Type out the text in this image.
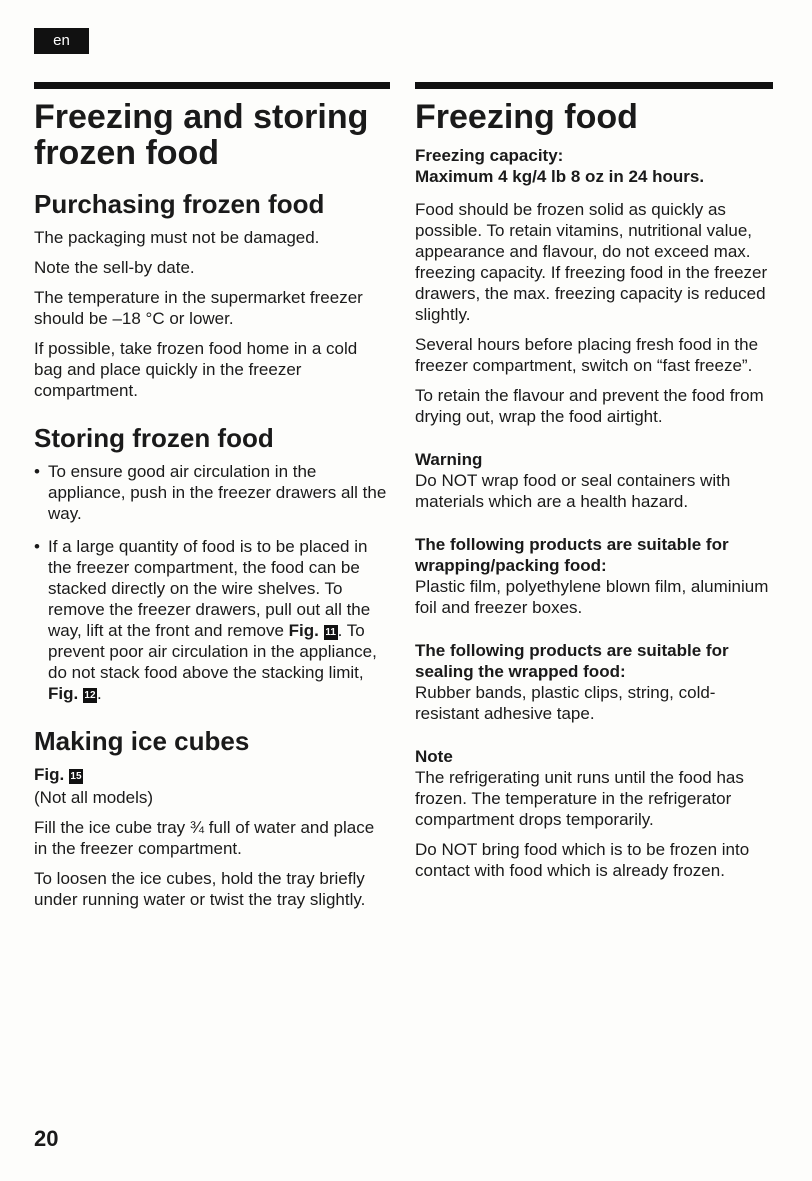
en
Freezing and storing frozen food
Purchasing frozen food

The packaging must not be damaged.

Note the sell-by date.

The temperature in the supermarket freezer should be –18 °C or lower.

If possible, take frozen food home in a cold bag and place quickly in the freezer compartment.

Storing frozen food
• To ensure good air circulation in the appliance, push in the freezer drawers all the way.
• If a large quantity of food is to be placed in the freezer compartment, the food can be stacked directly on the wire shelves. To remove the freezer drawers, pull out all the way, lift at the front and remove Fig. 11 . To prevent poor air circulation in the appliance, do not stack food above the stacking limit, Fig. 12.
Making ice cubes

Fig. 15

(Not all models)

Fill the ice cube tray ¾ full of water and place in the freezer compartment.

To loosen the ice cubes, hold the tray briefly under running water or twist the tray slightly.

Freezing food

Freezing capacity:

Maximum 4 kg/4 lb 8 oz in 24 hours.

Food should be frozen solid as quickly as possible. To retain vitamins, nutritional value, appearance and flavour, do not exceed max. freezing capacity. If freezing food in the freezer drawers, the max. freezing capacity is reduced slightly.

Several hours before placing fresh food in the freezer compartment, switch on “fast freeze”.

To retain the flavour and prevent the food from drying out, wrap the food airtight.

Warning

Do NOT wrap food or seal containers with materials which are a health hazard.

The following products are suitable for wrapping/packing food:

Plastic film, polyethylene blown film, aluminium foil and freezer boxes.

The following products are suitable for sealing the wrapped food:

Rubber bands, plastic clips, string, cold-resistant adhesive tape.

Note

The refrigerating unit runs until the food has frozen. The temperature in the refrigerator compartment drops temporarily.

Do NOT bring food which is to be frozen into contact with food which is already frozen.

20
